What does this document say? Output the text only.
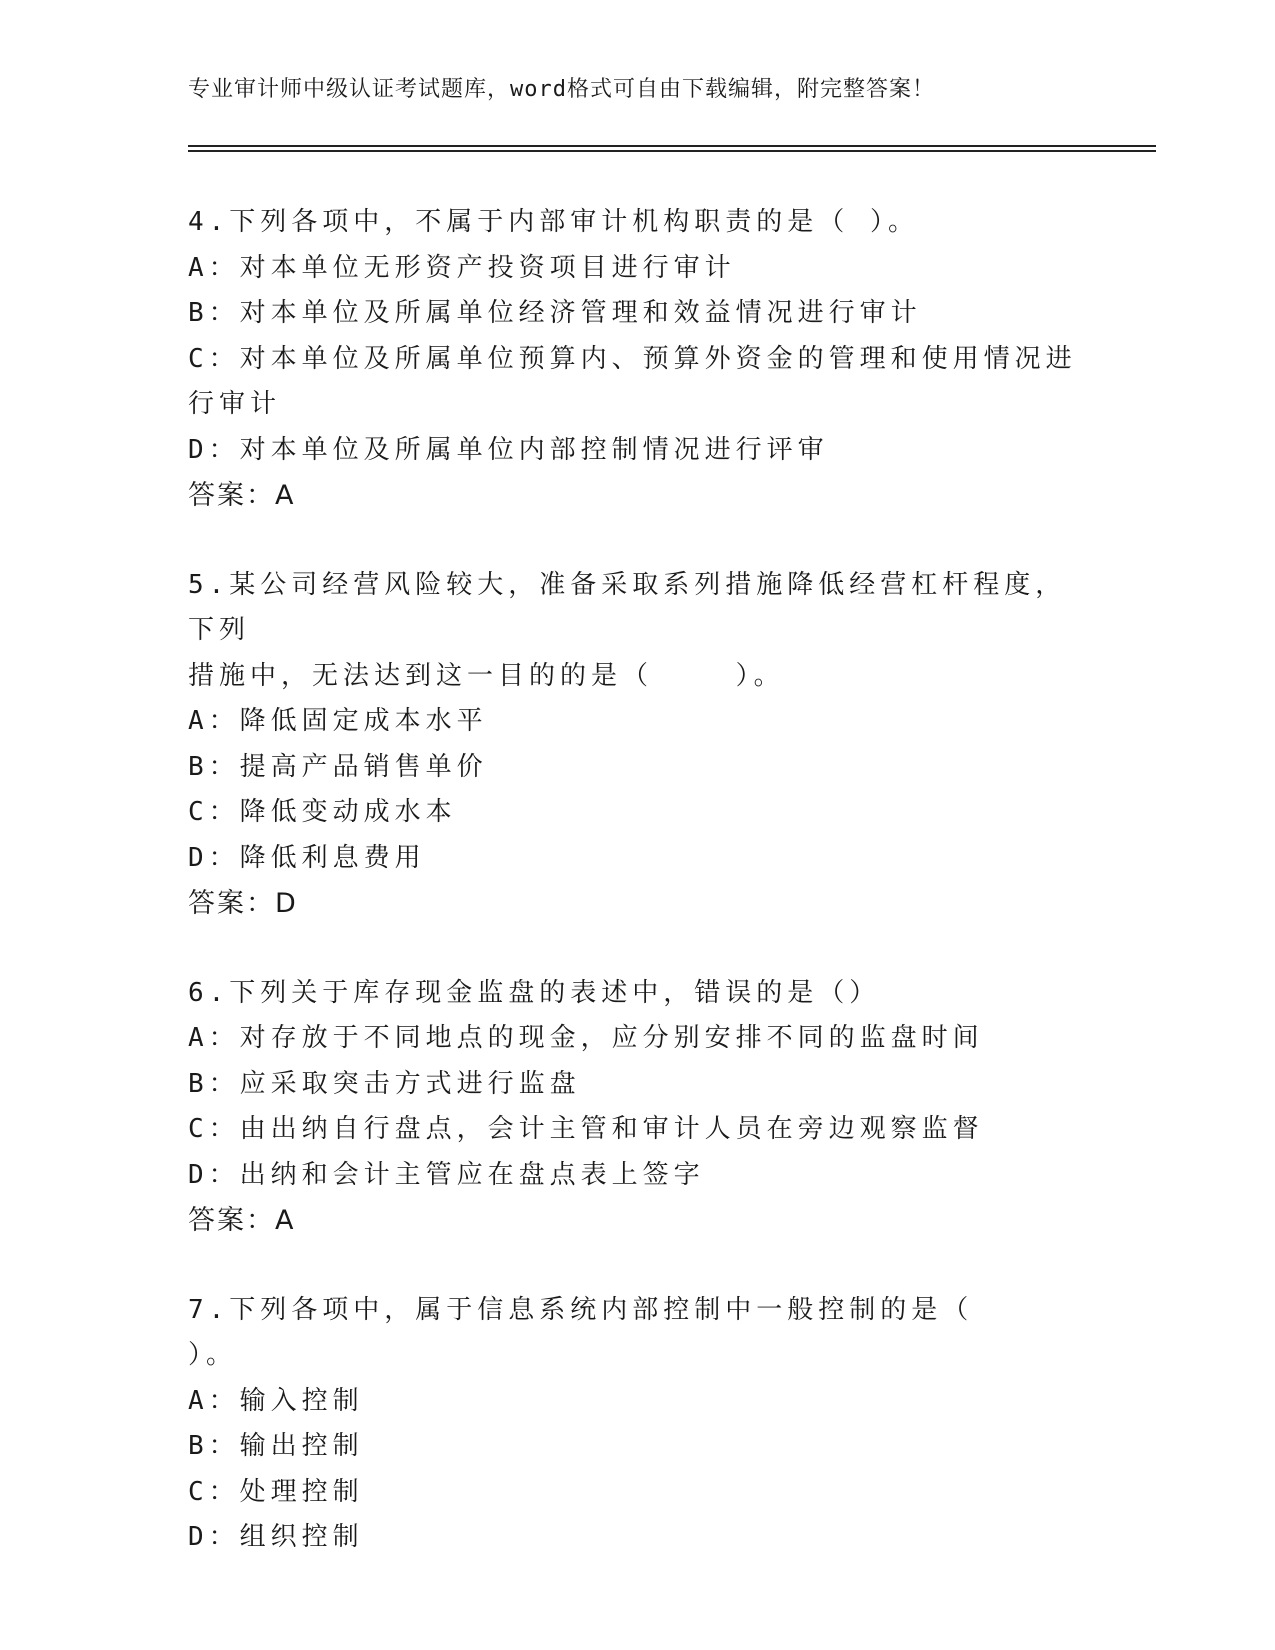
专业审计师中级认证考试题库，word格式可自由下载编辑，附完整答案！
4.下列各项中，不属于内部审计机构职责的是（ ）。
A：对本单位无形资产投资项目进行审计
B：对本单位及所属单位经济管理和效益情况进行审计
C：对本单位及所属单位预算内、预算外资金的管理和使用情况进行审计
D：对本单位及所属单位内部控制情况进行评审
答案：A
5.某公司经营风险较大，准备采取系列措施降低经营杠杆程度，下列
措施中，无法达到这一目的的是（    ）。
A：降低固定成本水平
B：提高产品销售单价
C：降低变动成水本
D：降低利息费用
答案：D
6.下列关于库存现金监盘的表述中，错误的是（）
A：对存放于不同地点的现金，应分别安排不同的监盘时间
B：应采取突击方式进行监盘
C：由出纳自行盘点，会计主管和审计人员在旁边观察监督
D：出纳和会计主管应在盘点表上签字
答案：A
7.下列各项中，属于信息系统内部控制中一般控制的是（    ）。
A：输入控制
B：输出控制
C：处理控制
D：组织控制
